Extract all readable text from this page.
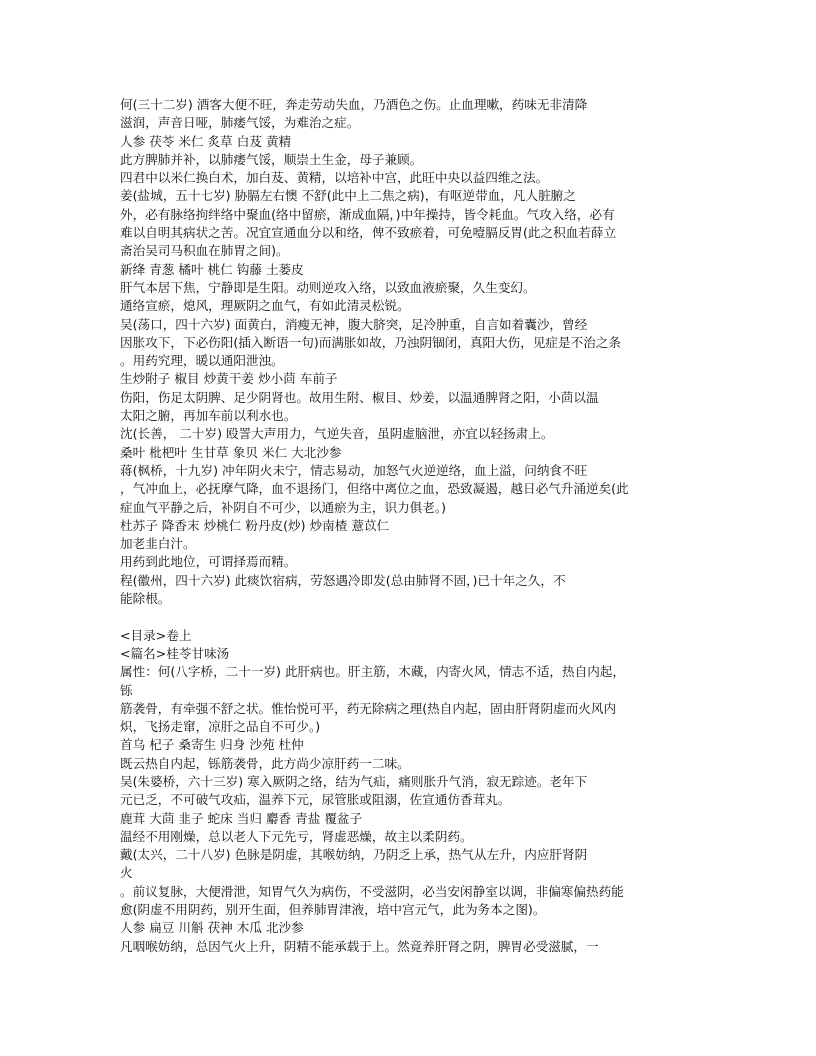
何(三十二岁) 酒客大便不旺，奔走劳动失血，乃酒色之伤。止血理嗽，药味无非清降
滋润，声音日哑，肺痿气馁，为难治之症。
人参 茯苓 米仁 炙草 白芨 黄精
此方脾肺并补，以肺痿气馁，顺崇土生金，母子兼顾。
四君中以米仁换白术，加白芨、黄精，以培补中宫，此旺中央以益四维之法。
姜(盐城，五十七岁) 胁膈左右懊 不舒(此中上二焦之病)，有呕逆带血，凡人脏腑之
外，必有脉络拘绊络中聚血(络中留瘀，渐成血隔，)中年操持，皆令耗血。气攻入络，必有
难以自明其病状之苦。况宜宣通血分以和络，俾不致瘀着，可免噎膈反胃(此之积血若薛立
斋治吴司马积血在肺胃之间)。
新绛 青葱 橘叶 桃仁 钩藤 土蒌皮
肝气本居下焦，宁静即是生阳。动则逆攻入络，以致血液瘀聚，久生变幻。
通络宣瘀，熄风，理厥阴之血气，有如此清灵松锐。
吴(荡口，四十六岁) 面黄白，消瘦无神，腹大脐突，足冷肿重，自言如着囊沙，曾经
因胀攻下，下必伤阳(插入断语一句)而满胀如故，乃浊阴锢闭，真阳大伤，见症是不治之条
。用药究理，暖以通阳泄浊。
生炒附子 椒目 炒黄干姜 炒小茴 车前子
伤阳，伤足太阴脾、足少阴肾也。故用生附、椒目、炒姜，以温通脾肾之阳，小茴以温
太阳之腑，再加车前以利水也。
沈(长善， 二十岁) 殴詈大声用力，气逆失音，虽阴虚脑泄，亦宜以轻扬肃上。
桑叶 枇杷叶 生甘草 象贝 米仁 大北沙参
蒋(枫桥，十九岁) 冲年阴火未宁，情志易动，加怒气火逆逆络，血上溢，问纳食不旺
，气冲血上，必抚摩气降，血不退扬门，但络中离位之血，恐致凝遏，越日必气升涌逆矣(此
症血气平静之后，补阴自不可少，以通瘀为主，识力俱老。)
杜苏子 降香末 炒桃仁 粉丹皮(炒) 炒南楂 薏苡仁
加老韭白汁。
用药到此地位，可谓择焉而精。
程(徽州，四十六岁) 此痰饮宿病，劳怒遇冷即发(总由肺肾不固，)已十年之久，不
能除根。
<目录>卷上
<篇名>桂苓甘味汤
属性：何(八字桥，二十一岁) 此肝病也。肝主筋，木藏，内寄火风，情志不适，热自内起，
铄
筋袭骨，有牵强不舒之状。惟怡悦可平，药无除病之理(热自内起，固由肝肾阴虚而火风内
炽，飞扬走窜，凉肝之品自不可少。)
首乌 杞子 桑寄生 归身 沙苑 杜仲
既云热自内起，铄筋袭骨，此方尚少凉肝药一二味。
吴(朱婆桥，六十三岁) 寒入厥阴之络，结为气疝，痛则胀升气消，寂无踪迹。老年下
元已乏，不可破气攻疝，温养下元，尿管胀或阻溺，佐宣通仿香茸丸。
鹿茸 大茴 韭子 蛇床 当归 麝香 青盐 覆盆子
温经不用刚燥，总以老人下元先亏，肾虚恶燥，故主以柔阴药。
戴(太兴，二十八岁) 色脉是阴虚，其喉妨纳，乃阴乏上承，热气从左升，内应肝肾阴
火
。前议复脉，大便滑泄，知胃气久为病伤，不受滋阴，必当安闲静室以调，非偏寒偏热药能
愈(阴虚不用阴药，别开生面，但养肺胃津液，培中宫元气，此为务本之图)。
人参 扁豆 川斛 茯神 木瓜 北沙参
凡咽喉妨纳，总因气火上升，阴精不能承载于上。然竟养肝肾之阴，脾胃必受滋腻，一
